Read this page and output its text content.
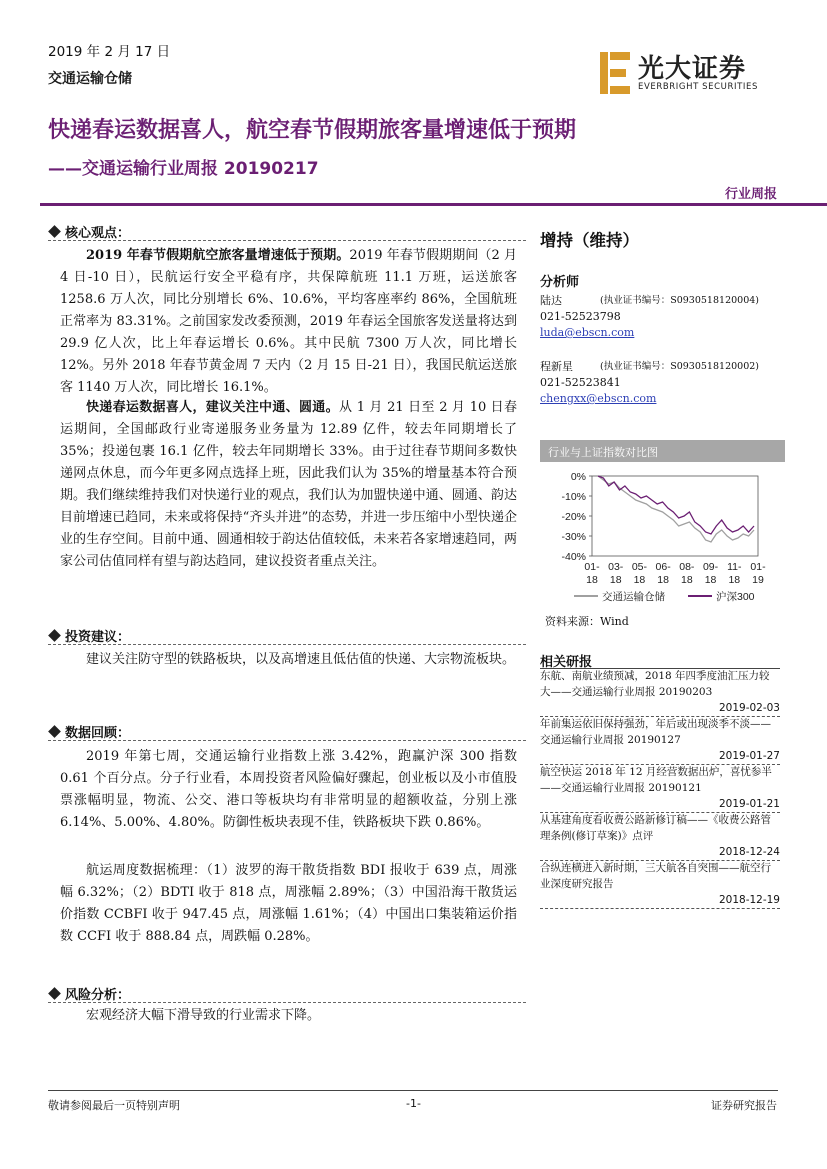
2019 年 2 月 17 日
交通运输仓储	光大证券
EVERBRIGHT SECURITIES
快递春运数据喜人，航空春节假期旅客量增速低于预期
——交通运输行业周报 20190217
行业周报
核心观点：
2019 年春节假期航空旅客量增速低于预期。2019 年春节假期期间（2 月 4 日-10 日），民航运行安全平稳有序，共保障航班 11.1 万班，运送旅客 1258.6 万人次，同比分别增长 6%、10.6%，平均客座率约 86%，全国航班正常率为 83.31%。之前国家发改委预测，2019 年春运全国旅客发送量将达到 29.9 亿人次，比上年春运增长 0.6%。其中民航 7300 万人次，同比增长 12%。另外 2018 年春节黄金周 7 天内（2 月 15 日-21 日），我国民航运送旅客 1140 万人次，同比增长 16.1%。
快递春运数据喜人，建议关注中通、圆通。从 1 月 21 日至 2 月 10 日春运期间，全国邮政行业寄递服务业务量为 12.89 亿件，较去年同期增长了 35%；投递包裹 16.1 亿件，较去年同期增长 33%。由于过往春节期间多数快递网点休息，而今年更多网点选择上班，因此我们认为 35%的增量基本符合预期。我们继续维持我们对快递行业的观点，我们认为加盟快递中通、圆通、韵达目前增速已趋同，未来或将保持“齐头并进”的态势，并进一步压缩中小型快递企业的生存空间。目前中通、圆通相较于韵达估值较低，未来若各家增速趋同，两家公司估值同样有望与韵达趋同，建议投资者重点关注。
投资建议：
建议关注防守型的铁路板块，以及高增速且低估值的快递、大宗物流板块。
数据回顾：
2019 年第七周，交通运输行业指数上涨 3.42%，跑赢沪深 300 指数 0.61 个百分点。分子行业看，本周投资者风险偏好骤起，创业板以及小市值股票涨幅明显，物流、公交、港口等板块均有非常明显的超额收益，分别上涨 6.14%、5.00%、4.80%。防御性板块表现不佳，铁路板块下跌 0.86%。
航运周度数据梳理：（1）波罗的海干散货指数 BDI 报收于 639 点，周涨幅 6.32%；（2）BDTI 收于 818 点，周涨幅 2.89%；（3）中国沿海干散货运价指数 CCBFI 收于 947.45 点，周涨幅 1.61%；（4）中国出口集装箱运价指数 CCFI 收于 888.84 点，周跌幅 0.28%。
风险分析：
宏观经济大幅下滑导致的行业需求下降。
增持（维持）
分析师
陆达	(执业证书编号：S0930518120004)
021-52523798
luda@ebscn.com
程新星	(执业证书编号：S0930518120002)
021-52523841
chengxx@ebscn.com
行业与上证指数对比图
0%
-10%
-20%
-30%
-40%
01-
18
03-
18
05-
18
06-
18
08-
18
09-
18
11-
18
01-
19
交通运输仓储	沪深300
资料来源：Wind
相关研报
东航、南航业绩预减，2018 年四季度油汇压力较大——交通运输行业周报 20190203
2019-02-03
年前集运依旧保持强劲，年后或出现淡季不淡——交通运输行业周报 20190127
2019-01-27
航空快运 2018 年 12 月经营数据出炉，喜忧参半——交通运输行业周报 20190121
2019-01-21
从基建角度看收费公路新修订稿——《收费公路管理条例(修订草案)》点评
2018-12-24
合纵连横进入新时期，三大航各自突围——航空行业深度研究报告
2018-12-19
敬请参阅最后一页特别声明	-1-	证券研究报告
